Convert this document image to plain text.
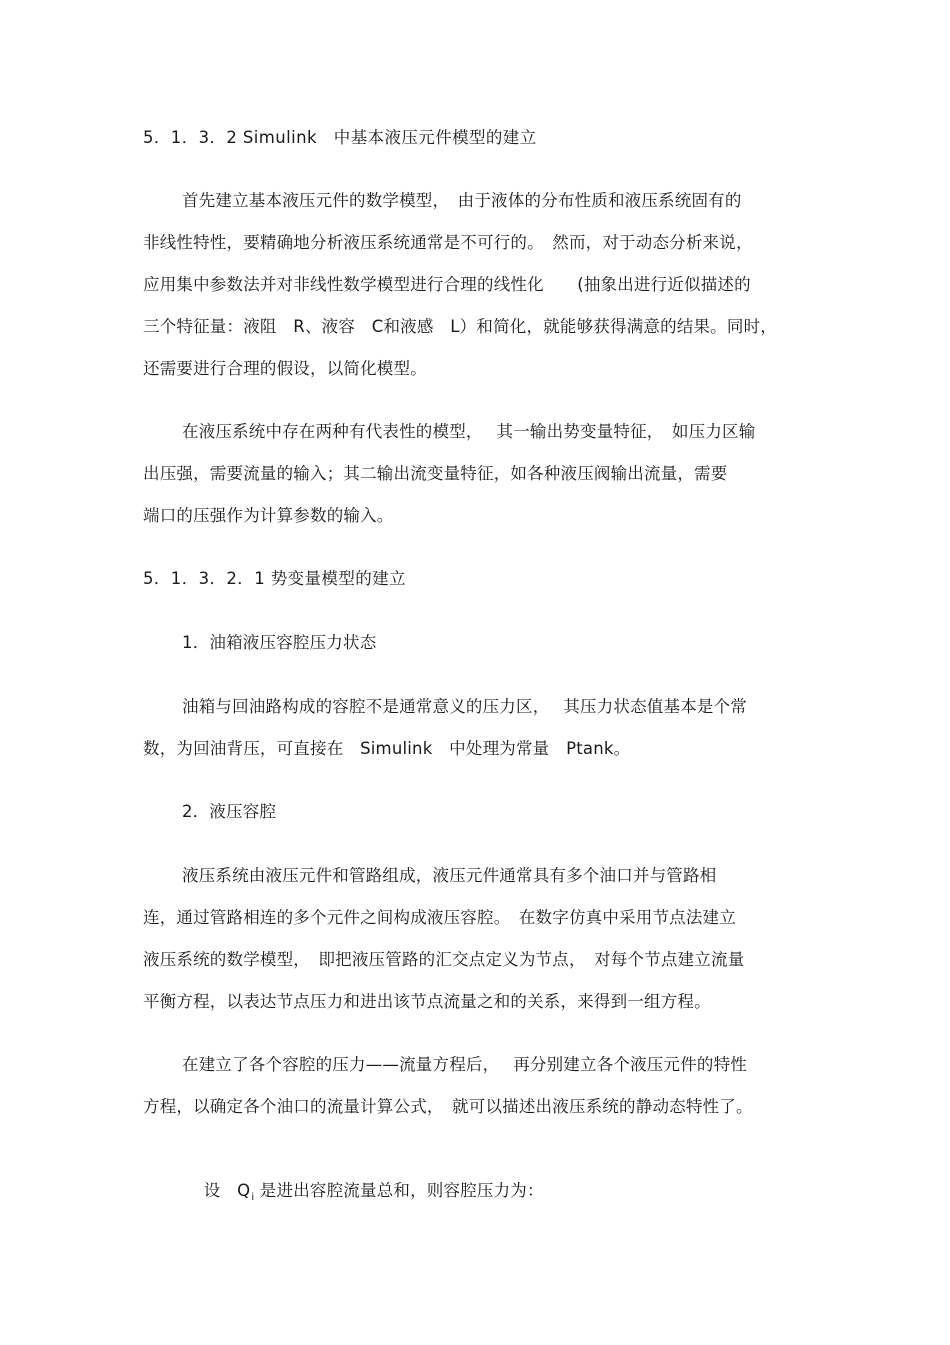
5．1．3．2 Simulink　中基本液压元件模型的建立
首先建立基本液压元件的数学模型，　由于液体的分布性质和液压系统固有的
非线性特性，要精确地分析液压系统通常是不可行的。　然而，对于动态分析来说，
应用集中参数法并对非线性数学模型进行合理的线性化　　(抽象出进行近似描述的
三个特征量：液阻　R、液容　C和液感　L）和简化，就能够获得满意的结果。同时，
还需要进行合理的假设，以简化模型。
在液压系统中存在两种有代表性的模型，　 其一输出势变量特征，　如压力区输
出压强，需要流量的输入；其二输出流变量特征，如各种液压阀输出流量，需要
端口的压强作为计算参数的输入。
5．1．3．2．1 势变量模型的建立
1．油箱液压容腔压力状态
油箱与回油路构成的容腔不是通常意义的压力区，　 其压力状态值基本是个常
数，为回油背压，可直接在　Simulink　中处理为常量　Ptank。
2．液压容腔
液压系统由液压元件和管路组成，液压元件通常具有多个油口并与管路相
连，通过管路相连的多个元件之间构成液压容腔。　在数字仿真中采用节点法建立
液压系统的数学模型，　即把液压管路的汇交点定义为节点，　对每个节点建立流量
平衡方程，以表达节点压力和进出该节点流量之和的关系，来得到一组方程。
在建立了各个容腔的压力——流量方程后，　 再分别建立各个液压元件的特性
方程，以确定各个油口的流量计算公式，　就可以描述出液压系统的静动态特性了。

设　$Q_i$ 是进出容腔流量总和，则容腔压力为：
